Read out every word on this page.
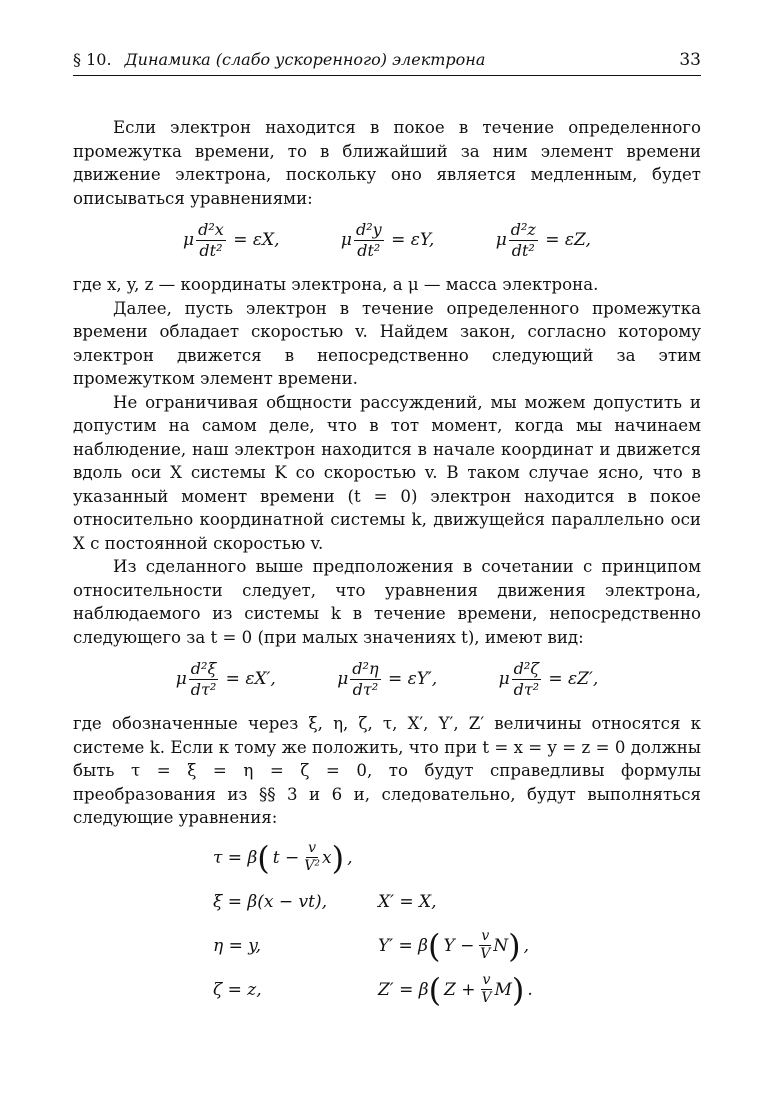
§ 10. Динамика (слабо ускоренного) электрона	33

Если электрон находится в покое в течение определенного промежутка времени, то в ближайший за ним элемент времени движение электрона, поскольку оно является медленным, будет описываться уравнениями:

μ $\frac{\text{d²x}}{\text{dt²}} = \varepsilon X$,	μ $\frac{\text{d²y}}{\text{dt²}} = \varepsilon Y$,	μ $\frac{\text{d²z}}{\text{dt²}} = \varepsilon Z$,

где x, y, z — координаты электрона, а μ — масса электрона.

Далее, пусть электрон в течение определенного промежутка времени обладает скоростью v. Найдем закон, согласно которому электрон движется в непосредственно следующий за этим промежутком элемент времени.

Не ограничивая общности рассуждений, мы можем допустить и допустим на самом деле, что в тот момент, когда мы начинаем наблюдение, наш электрон находится в начале координат и движется вдоль оси X системы K со скоростью v. В таком случае ясно, что в указанный момент времени (t = 0) электрон находится в покое относительно координатной системы k, движущейся параллельно оси X с постоянной скоростью v.

Из сделанного выше предположения в сочетании с принципом относительности следует, что уравнения движения электрона, наблюдаемого из системы k в течение времени, непосредственно следующего за t = 0 (при малых значениях t), имеют вид:

μ $\frac{\text{d²ξ}}{\text{dτ²}} = \varepsilon X'$,	μ $\frac{\text{d²η}}{\text{dτ²}} = \varepsilon Y'$,	μ $\frac{\text{d²ζ}}{\text{dτ²}} = \varepsilon Z'$,

где обозначенные через ξ, η, ζ, τ, X′, Y′, Z′ величины относятся к системе k. Если к тому же положить, что при t = x = y = z = 0 должны быть τ = ξ = η = ζ = 0, то будут справедливы формулы преобразования из §§ 3 и 6 и, следовательно, будут выполняться следующие уравнения:

τ = β ( $t - \frac{v}{\text{V²}}$ x ) ,
ξ = β(x − vt),	X′ = X,
η = y,	Y′ = β ( $Y - \frac{v}{V}$ N ) ,
ζ = z,	Z′ = β ( $Z + \frac{v}{V}$ M ) .
